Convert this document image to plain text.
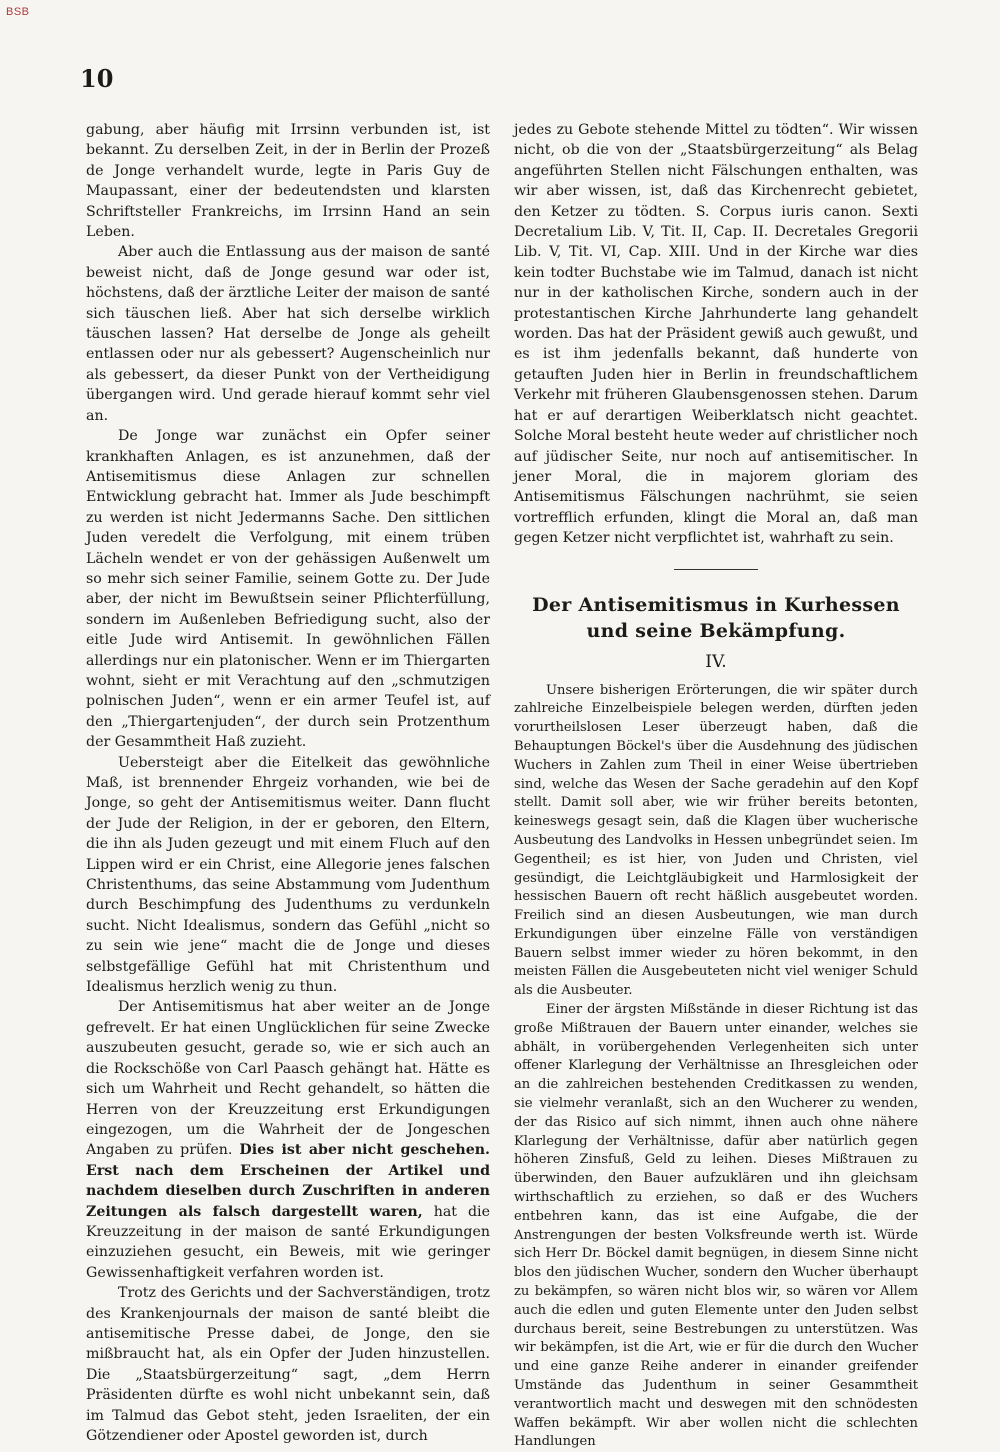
BSB
10

gabung, aber häufig mit Irrsinn verbunden ist, ist bekannt. Zu derselben Zeit, in der in Berlin der Prozeß de Jonge verhandelt wurde, legte in Paris Guy de Maupassant, einer der bedeutendsten und klarsten Schriftsteller Frankreichs, im Irrsinn Hand an sein Leben.

Aber auch die Entlassung aus der maison de santé beweist nicht, daß de Jonge gesund war oder ist, höchstens, daß der ärztliche Leiter der maison de santé sich täuschen ließ. Aber hat sich derselbe wirklich täuschen lassen? Hat derselbe de Jonge als geheilt entlassen oder nur als gebessert? Augenscheinlich nur als gebessert, da dieser Punkt von der Vertheidigung übergangen wird. Und gerade hierauf kommt sehr viel an.

De Jonge war zunächst ein Opfer seiner krankhaften Anlagen, es ist anzunehmen, daß der Antisemitismus diese Anlagen zur schnellen Entwicklung gebracht hat. Immer als Jude beschimpft zu werden ist nicht Jedermanns Sache. Den sittlichen Juden veredelt die Verfolgung, mit einem trüben Lächeln wendet er von der gehässigen Außenwelt um so mehr sich seiner Familie, seinem Gotte zu. Der Jude aber, der nicht im Bewußtsein seiner Pflichterfüllung, sondern im Außenleben Befriedigung sucht, also der eitle Jude wird Antisemit. In gewöhnlichen Fällen allerdings nur ein platonischer. Wenn er im Thiergarten wohnt, sieht er mit Verachtung auf den „schmutzigen polnischen Juden“, wenn er ein armer Teufel ist, auf den „Thiergartenjuden“, der durch sein Protzenthum der Gesammtheit Haß zuzieht.

Uebersteigt aber die Eitelkeit das gewöhnliche Maß, ist brennender Ehrgeiz vorhanden, wie bei de Jonge, so geht der Antisemitismus weiter. Dann flucht der Jude der Religion, in der er geboren, den Eltern, die ihn als Juden gezeugt und mit einem Fluch auf den Lippen wird er ein Christ, eine Allegorie jenes falschen Christenthums, das seine Abstammung vom Judenthum durch Beschimpfung des Judenthums zu verdunkeln sucht. Nicht Idealismus, sondern das Gefühl „nicht so zu sein wie jene“ macht die de Jonge und dieses selbstgefällige Gefühl hat mit Christenthum und Idealismus herzlich wenig zu thun.

Der Antisemitismus hat aber weiter an de Jonge gefrevelt. Er hat einen Unglücklichen für seine Zwecke auszubeuten gesucht, gerade so, wie er sich auch an die Rockschöße von Carl Paasch gehängt hat. Hätte es sich um Wahrheit und Recht gehandelt, so hätten die Herren von der Kreuzzeitung erst Erkundigungen eingezogen, um die Wahrheit der de Jongeschen Angaben zu prüfen. Dies ist aber nicht geschehen. Erst nach dem Erscheinen der Artikel und nachdem dieselben durch Zuschriften in anderen Zeitungen als falsch dargestellt waren, hat die Kreuzzeitung in der maison de santé Erkundigungen einzuziehen gesucht, ein Beweis, mit wie geringer Gewissenhaftigkeit verfahren worden ist.

Trotz des Gerichts und der Sachverständigen, trotz des Krankenjournals der maison de santé bleibt die antisemitische Presse dabei, de Jonge, den sie mißbraucht hat, als ein Opfer der Juden hinzustellen. Die „Staatsbürgerzeitung“ sagt, „dem Herrn Präsidenten dürfte es wohl nicht unbekannt sein, daß im Talmud das Gebot steht, jeden Israeliten, der ein Götzendiener oder Apostel geworden ist, durch

jedes zu Gebote stehende Mittel zu tödten“. Wir wissen nicht, ob die von der „Staatsbürgerzeitung“ als Belag angeführten Stellen nicht Fälschungen enthalten, was wir aber wissen, ist, daß das Kirchenrecht gebietet, den Ketzer zu tödten. S. Corpus iuris canon. Sexti Decretalium Lib. V, Tit. II, Cap. II. Decretales Gregorii Lib. V, Tit. VI, Cap. XIII. Und in der Kirche war dies kein todter Buchstabe wie im Talmud, danach ist nicht nur in der katholischen Kirche, sondern auch in der protestantischen Kirche Jahrhunderte lang gehandelt worden. Das hat der Präsident gewiß auch gewußt, und es ist ihm jedenfalls bekannt, daß hunderte von getauften Juden hier in Berlin in freundschaftlichem Verkehr mit früheren Glaubensgenossen stehen. Darum hat er auf derartigen Weiberklatsch nicht geachtet. Solche Moral besteht heute weder auf christlicher noch auf jüdischer Seite, nur noch auf antisemitischer. In jener Moral, die in majorem gloriam des Antisemitismus Fälschungen nachrühmt, sie seien vortrefflich erfunden, klingt die Moral an, daß man gegen Ketzer nicht verpflichtet ist, wahrhaft zu sein.

Der Antisemitismus in Kurhessen und seine Bekämpfung.
IV.

Unsere bisherigen Erörterungen, die wir später durch zahlreiche Einzelbeispiele belegen werden, dürften jeden vorurtheilslosen Leser überzeugt haben, daß die Behauptungen Böckel's über die Ausdehnung des jüdischen Wuchers in Zahlen zum Theil in einer Weise übertrieben sind, welche das Wesen der Sache geradehin auf den Kopf stellt. Damit soll aber, wie wir früher bereits betonten, keineswegs gesagt sein, daß die Klagen über wucherische Ausbeutung des Landvolks in Hessen unbegründet seien. Im Gegentheil; es ist hier, von Juden und Christen, viel gesündigt, die Leichtgläubigkeit und Harmlosigkeit der hessischen Bauern oft recht häßlich ausgebeutet worden. Freilich sind an diesen Ausbeutungen, wie man durch Erkundigungen über einzelne Fälle von verständigen Bauern selbst immer wieder zu hören bekommt, in den meisten Fällen die Ausgebeuteten nicht viel weniger Schuld als die Ausbeuter.

Einer der ärgsten Mißstände in dieser Richtung ist das große Mißtrauen der Bauern unter einander, welches sie abhält, in vorübergehenden Verlegenheiten sich unter offener Klarlegung der Verhältnisse an Ihresgleichen oder an die zahlreichen bestehenden Creditkassen zu wenden, sie vielmehr veranlaßt, sich an den Wucherer zu wenden, der das Risico auf sich nimmt, ihnen auch ohne nähere Klarlegung der Verhältnisse, dafür aber natürlich gegen höheren Zinsfuß, Geld zu leihen. Dieses Mißtrauen zu überwinden, den Bauer aufzuklären und ihn gleichsam wirthschaftlich zu erziehen, so daß er des Wuchers entbehren kann, das ist eine Aufgabe, die der Anstrengungen der besten Volksfreunde werth ist. Würde sich Herr Dr. Böckel damit begnügen, in diesem Sinne nicht blos den jüdischen Wucher, sondern den Wucher überhaupt zu bekämpfen, so wären nicht blos wir, so wären vor Allem auch die edlen und guten Elemente unter den Juden selbst durchaus bereit, seine Bestrebungen zu unterstützen. Was wir bekämpfen, ist die Art, wie er für die durch den Wucher und eine ganze Reihe anderer in einander greifender Umstände das Judenthum in seiner Gesammtheit verantwortlich macht und deswegen mit den schnödesten Waffen bekämpft. Wir aber wollen nicht die schlechten Handlungen
